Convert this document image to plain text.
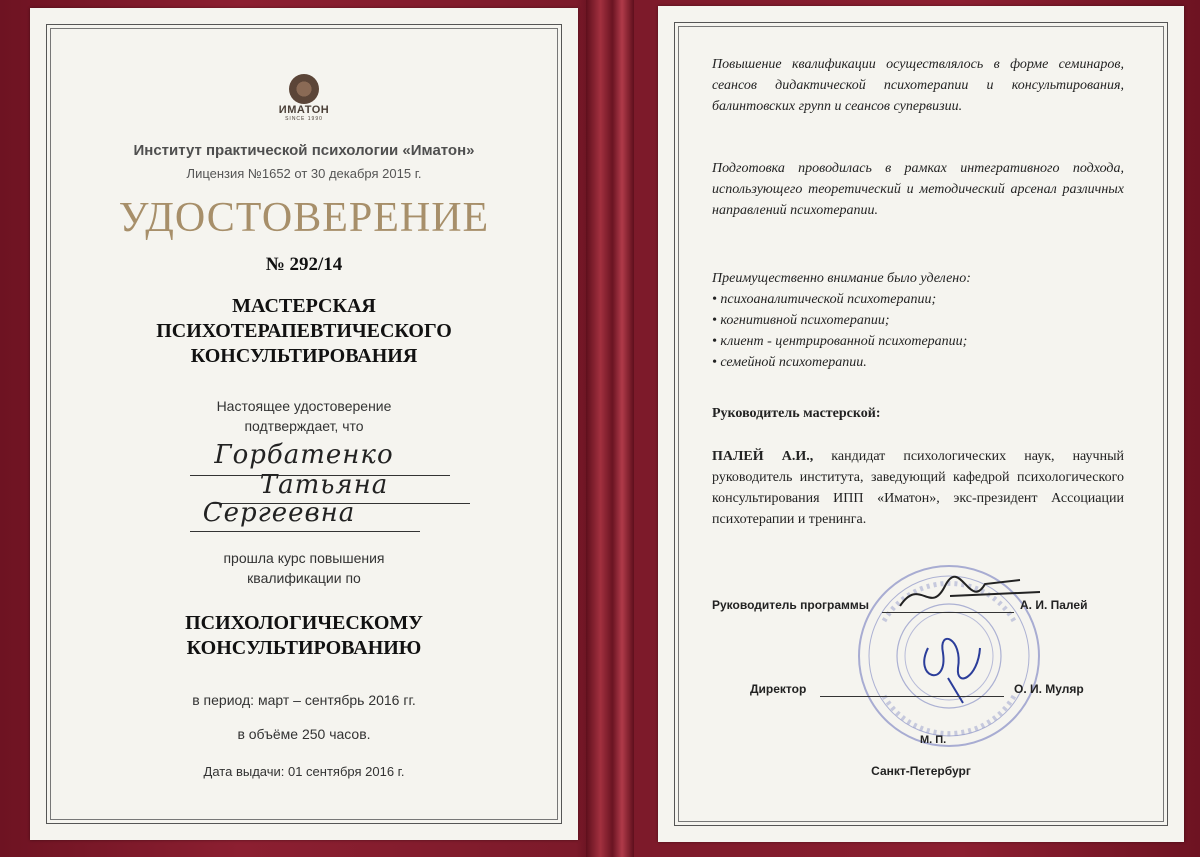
ИМАТОН
SINCE 1990
Институт практической психологии «Иматон»
Лицензия №1652 от 30 декабря 2015 г.
УДОСТОВЕРЕНИЕ
№ 292/14
МАСТЕРСКАЯ
ПСИХОТЕРАПЕВТИЧЕСКОГО
КОНСУЛЬТИРОВАНИЯ
Настоящее удостоверение
подтверждает, что
Горбатенко
Татьяна
Сергеевна
прошла курс повышения
квалификации по
ПСИХОЛОГИЧЕСКОМУ
КОНСУЛЬТИРОВАНИЮ
в период: март – сентябрь 2016 гг.
в объёме 250 часов.
Дата выдачи: 01 сентября 2016 г.
Повышение квалификации осуществлялось в форме семинаров, сеансов дидактической психотерапии и консультирования, балинтовских групп и сеансов супервизии.
Подготовка проводилась в рамках интегративного подхода, использующего теоретический и методический арсенал различных направлений психотерапии.
Преимущественно внимание было уделено:
• психоаналитической психотерапии;
• когнитивной психотерапии;
• клиент - центрированной психотерапии;
• семейной психотерапии.
Руководитель мастерской:
ПАЛЕЙ А.И., кандидат психологических наук, научный руководитель института, заведующий кафедрой психологического консультирования ИПП «Иматон», экс-президент Ассоциации психотерапии и тренинга.
Руководитель программы	А. И. Палей
Директор	О. И. Муляр
М. П.
Санкт-Петербург
